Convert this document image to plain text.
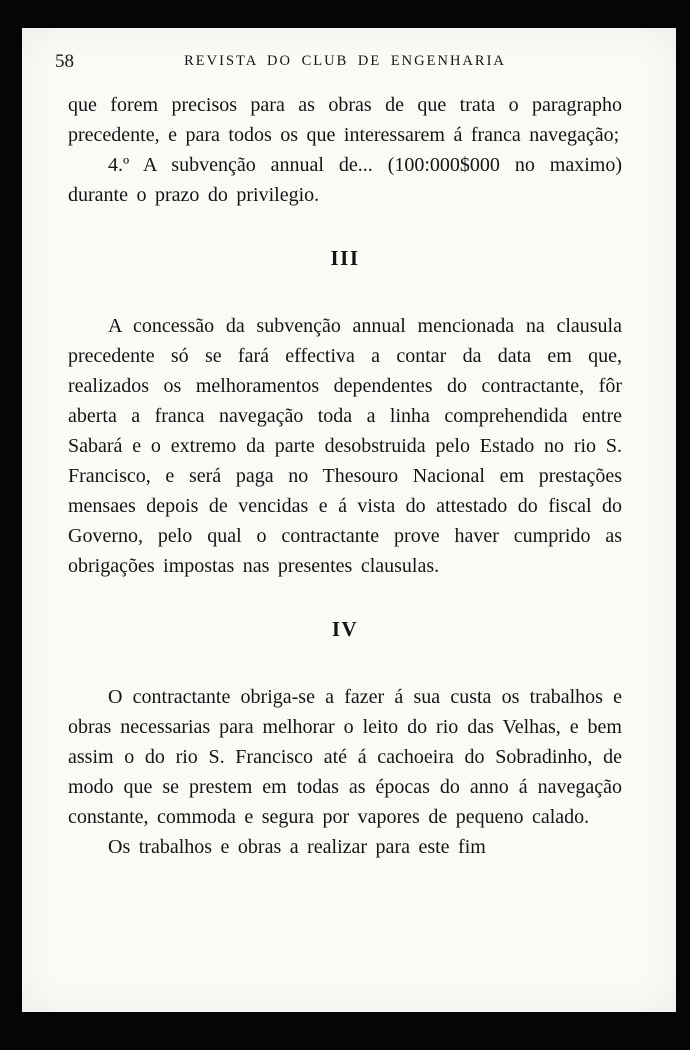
58	REVISTA DO CLUB DE ENGENHARIA

que forem precisos para as obras de que trata o paragrapho precedente, e para todos os que interessarem á franca navegação;

4.º A subvenção annual de... (100:000$000 no maximo) durante o prazo do privilegio.

III

A concessão da subvenção annual mencionada na clausula precedente só se fará effectiva a contar da data em que, realizados os melhoramentos dependentes do contractante, fôr aberta a franca navegação toda a linha comprehendida entre Sabará e o extremo da parte desobstruida pelo Estado no rio S. Francisco, e será paga no Thesouro Nacional em prestações mensaes depois de vencidas e á vista do attestado do fiscal do Governo, pelo qual o contractante prove haver cumprido as obrigações impostas nas presentes clausulas.

IV

O contractante obriga-se a fazer á sua custa os trabalhos e obras necessarias para melhorar o leito do rio das Velhas, e bem assim o do rio S. Francisco até á cachoeira do Sobradinho, de modo que se prestem em todas as épocas do anno á navegação constante, commoda e segura por vapores de pequeno calado.

Os trabalhos e obras a realizar para este fim
